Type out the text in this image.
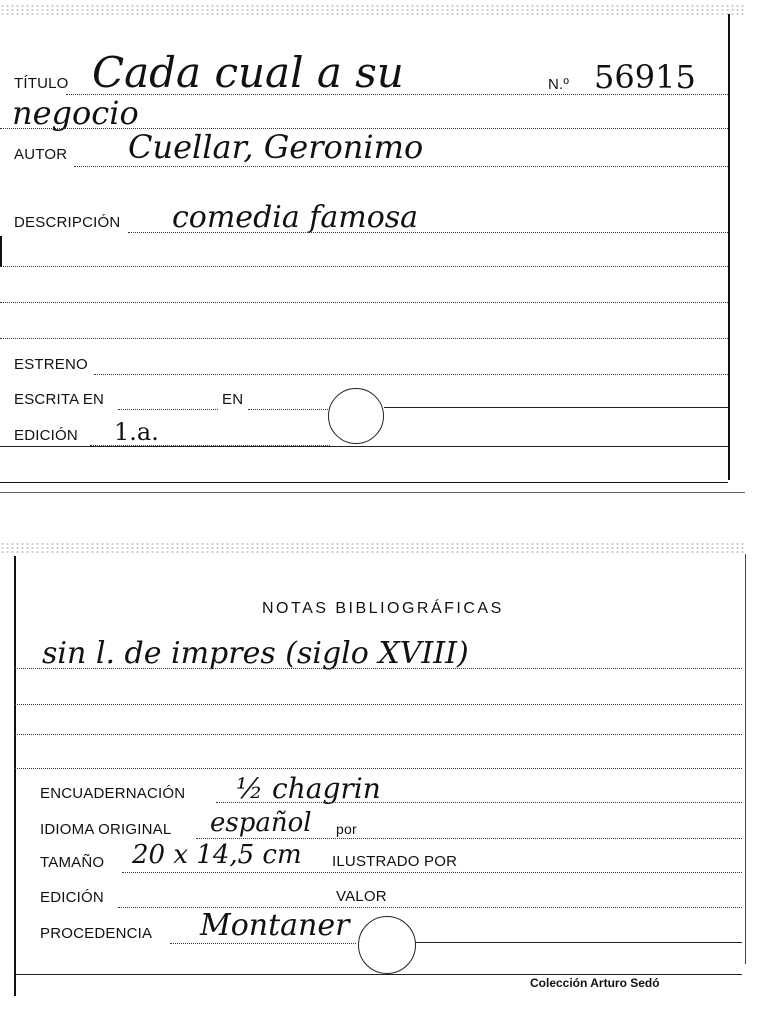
TÍTULO Cada cual a su	N.º 56915
negocio
AUTOR Cuellar, Geronimo
DESCRIPCIÓN comedia famosa
ESTRENO
ESCRITA EN	EN
EDICIÓN 1.a.
NOTAS BIBLIOGRÁFICAS
sin l. de impres (siglo XVIII)
ENCUADERNACIÓN ½ chagrin
IDIOMA ORIGINAL español por
TAMAÑO 20 x 14,5 cm ILUSTRADO POR
EDICIÓN	VALOR
PROCEDENCIA Montaner
Colección Arturo Sedó
